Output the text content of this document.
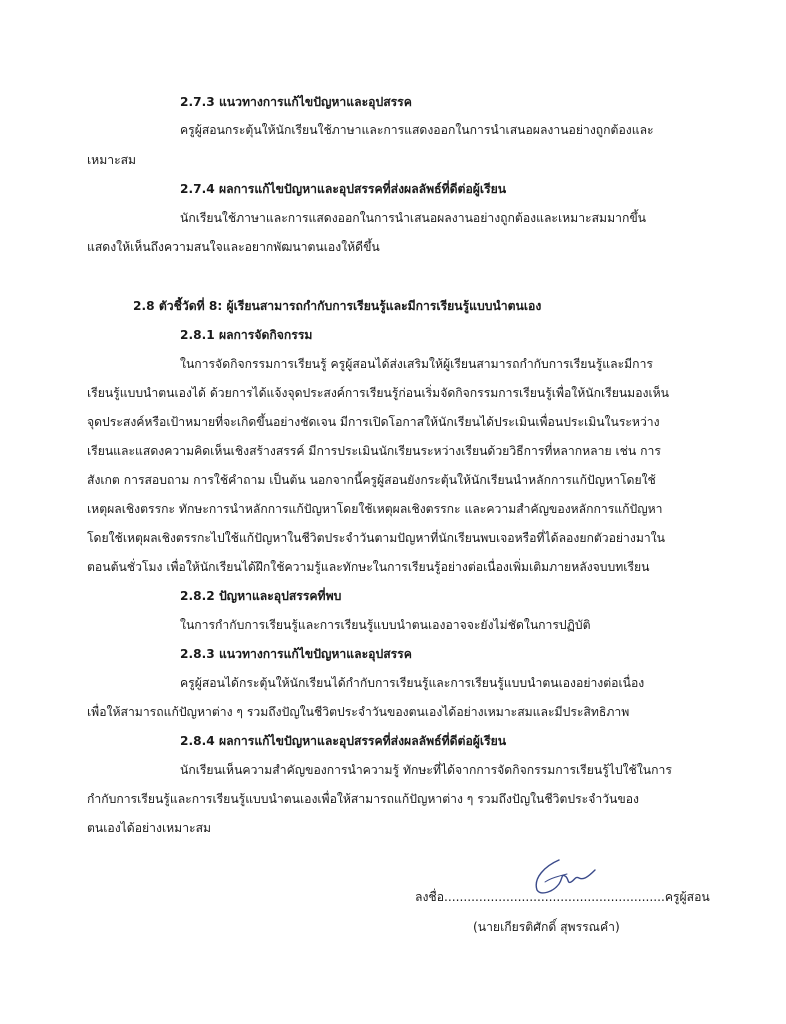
2.7.3 แนวทางการแก้ไขปัญหาและอุปสรรค
ครูผู้สอนกระตุ้นให้นักเรียนใช้ภาษาและการแสดงออกในการนำเสนอผลงานอย่างถูกต้องและ
เหมาะสม
2.7.4 ผลการแก้ไขปัญหาและอุปสรรคที่ส่งผลลัพธ์ที่ดีต่อผู้เรียน
นักเรียนใช้ภาษาและการแสดงออกในการนำเสนอผลงานอย่างถูกต้องและเหมาะสมมากขึ้น
แสดงให้เห็นถึงความสนใจและอยากพัฒนาตนเองให้ดีขึ้น
2.8 ตัวชี้วัดที่ 8: ผู้เรียนสามารถกำกับการเรียนรู้และมีการเรียนรู้แบบนำตนเอง
2.8.1 ผลการจัดกิจกรรม
ในการจัดกิจกรรมการเรียนรู้ ครูผู้สอนได้ส่งเสริมให้ผู้เรียนสามารถกำกับการเรียนรู้และมีการ
เรียนรู้แบบนำตนเองได้ ด้วยการได้แจ้งจุดประสงค์การเรียนรู้ก่อนเริ่มจัดกิจกรรมการเรียนรู้เพื่อให้นักเรียนมองเห็น
จุดประสงค์หรือเป้าหมายที่จะเกิดขึ้นอย่างชัดเจน มีการเปิดโอกาสให้นักเรียนได้ประเมินเพื่อนประเมินในระหว่าง
เรียนและแสดงความคิดเห็นเชิงสร้างสรรค์ มีการประเมินนักเรียนระหว่างเรียนด้วยวิธีการที่หลากหลาย เช่น การ
สังเกต การสอบถาม การใช้คำถาม เป็นต้น นอกจากนี้ครูผู้สอนยังกระตุ้นให้นักเรียนนำหลักการแก้ปัญหาโดยใช้
เหตุผลเชิงตรรกะ ทักษะการนำหลักการแก้ปัญหาโดยใช้เหตุผลเชิงตรรกะ และความสำคัญของหลักการแก้ปัญหา
โดยใช้เหตุผลเชิงตรรกะไปใช้แก้ปัญหาในชีวิตประจำวันตามปัญหาที่นักเรียนพบเจอหรือที่ได้ลองยกตัวอย่างมาใน
ตอนต้นชั่วโมง เพื่อให้นักเรียนได้ฝึกใช้ความรู้และทักษะในการเรียนรู้อย่างต่อเนื่องเพิ่มเติมภายหลังจบบทเรียน
2.8.2 ปัญหาและอุปสรรคที่พบ
ในการกำกับการเรียนรู้และการเรียนรู้แบบนำตนเองอาจจะยังไม่ชัดในการปฏิบัติ
2.8.3 แนวทางการแก้ไขปัญหาและอุปสรรค
ครูผู้สอนได้กระตุ้นให้นักเรียนได้กำกับการเรียนรู้และการเรียนรู้แบบนำตนเองอย่างต่อเนื่อง
เพื่อให้สามารถแก้ปัญหาต่าง ๆ รวมถึงปัญในชีวิตประจำวันของตนเองได้อย่างเหมาะสมและมีประสิทธิภาพ
2.8.4 ผลการแก้ไขปัญหาและอุปสรรคที่ส่งผลลัพธ์ที่ดีต่อผู้เรียน
นักเรียนเห็นความสำคัญของการนำความรู้ ทักษะที่ได้จากการจัดกิจกรรมการเรียนรู้ไปใช้ในการ
กำกับการเรียนรู้และการเรียนรู้แบบนำตนเองเพื่อให้สามารถแก้ปัญหาต่าง ๆ รวมถึงปัญในชีวิตประจำวันของ
ตนเองได้อย่างเหมาะสม
ลงชื่อ.........................................................ครูผู้สอน
(นายเกียรติศักดิ์ สุพรรณคำ)
